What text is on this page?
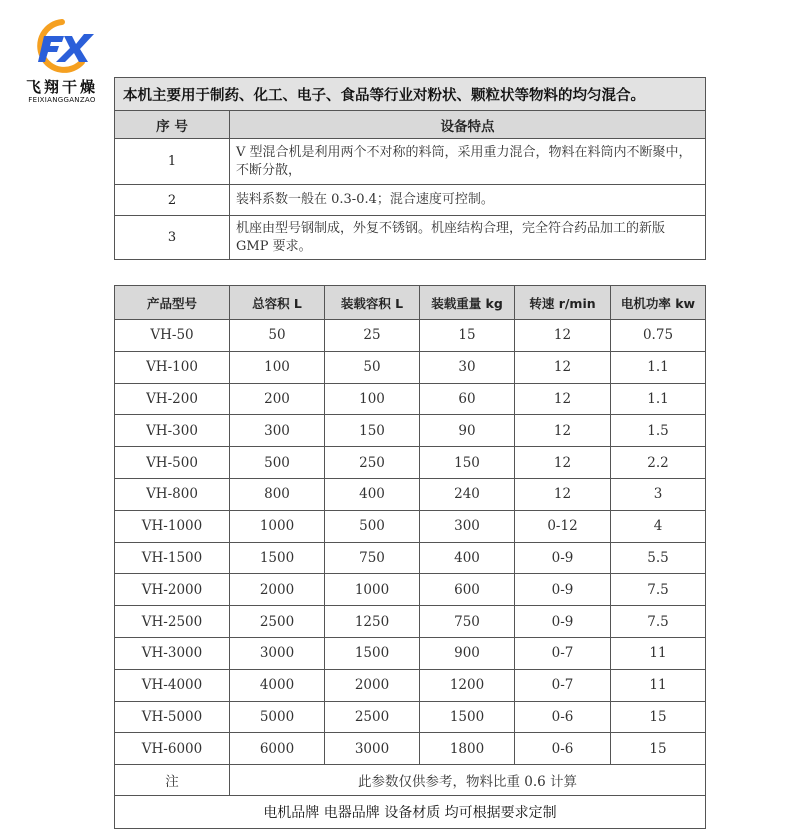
飞翔干燥
FEIXIANGGANZAO	本机主要用于制药、化工、电子、食品等行业对粉状、颗粒状等物料的均匀混合。	
序 号	设备特点
1	V 型混合机是利用两个不对称的料筒，采用重力混合，物料在料筒内不断聚中，不断分散，
2	装料系数一般在 0.3-0.4；混合速度可控制。
3	机座由型号钢制成，外复不锈钢。机座结构合理，完全符合药品加工的新版 GMP 要求。
产品型号	总容积 L	装载容积 L	装载重量 kg	转速 r/min	电机功率 kw
VH-50	50	25	15	12	0.75
VH-100	100	50	30	12	1.1
VH-200	200	100	60	12	1.1
VH-300	300	150	90	12	1.5
VH-500	500	250	150	12	2.2
VH-800	800	400	240	12	3
VH-1000	1000	500	300	0-12	4
VH-1500	1500	750	400	0-9	5.5
VH-2000	2000	1000	600	0-9	7.5
VH-2500	2500	1250	750	0-9	7.5
VH-3000	3000	1500	900	0-7	11
VH-4000	4000	2000	1200	0-7	11
VH-5000	5000	2500	1500	0-6	15
VH-6000	6000	3000	1800	0-6	15
注	此参数仅供参考，物料比重 0.6 计算				
电机品牌 电器品牌 设备材质 均可根据要求定制					
